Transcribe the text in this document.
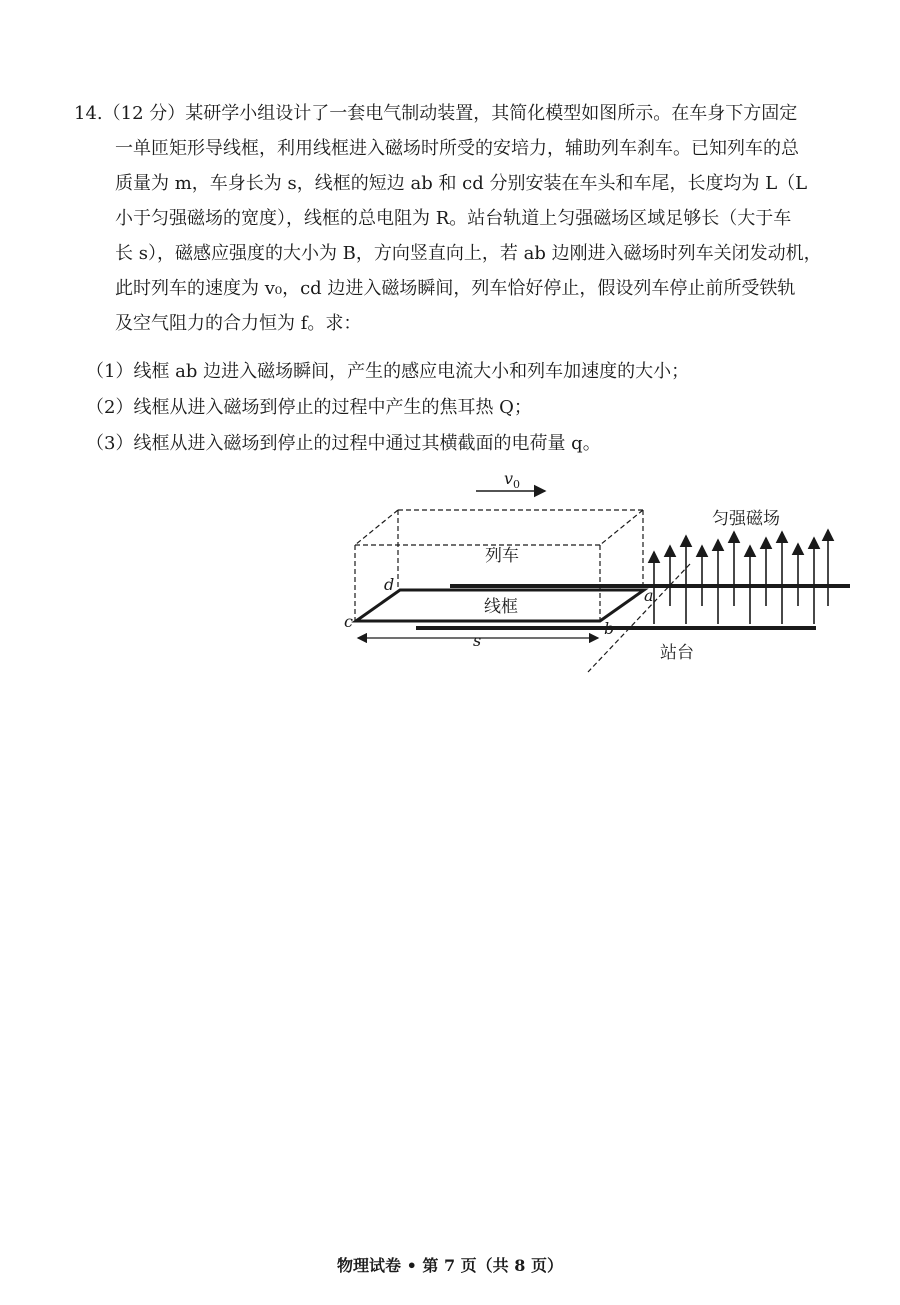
14.（12 分）某研学小组设计了一套电气制动装置，其简化模型如图所示。在车身下方固定
一单匝矩形导线框，利用线框进入磁场时所受的安培力，辅助列车刹车。已知列车的总
质量为 m，车身长为 s，线框的短边 ab 和 cd 分别安装在车头和车尾，长度均为 L（L
小于匀强磁场的宽度），线框的总电阻为 R。站台轨道上匀强磁场区域足够长（大于车
长 s），磁感应强度的大小为 B，方向竖直向上，若 ab 边刚进入磁场时列车关闭发动机，
此时列车的速度为 v₀，cd 边进入磁场瞬间，列车恰好停止，假设列车停止前所受铁轨
及空气阻力的合力恒为 f。求：
（1）线框 ab 边进入磁场瞬间，产生的感应电流大小和列车加速度的大小；
（2）线框从进入磁场到停止的过程中产生的焦耳热 Q；
（3）线框从进入磁场到停止的过程中通过其横截面的电荷量 q。
$v_0$
列车
线框
d
c
a
b
s
匀强磁场
站台
物理试卷 • 第 7 页（共 8 页）
